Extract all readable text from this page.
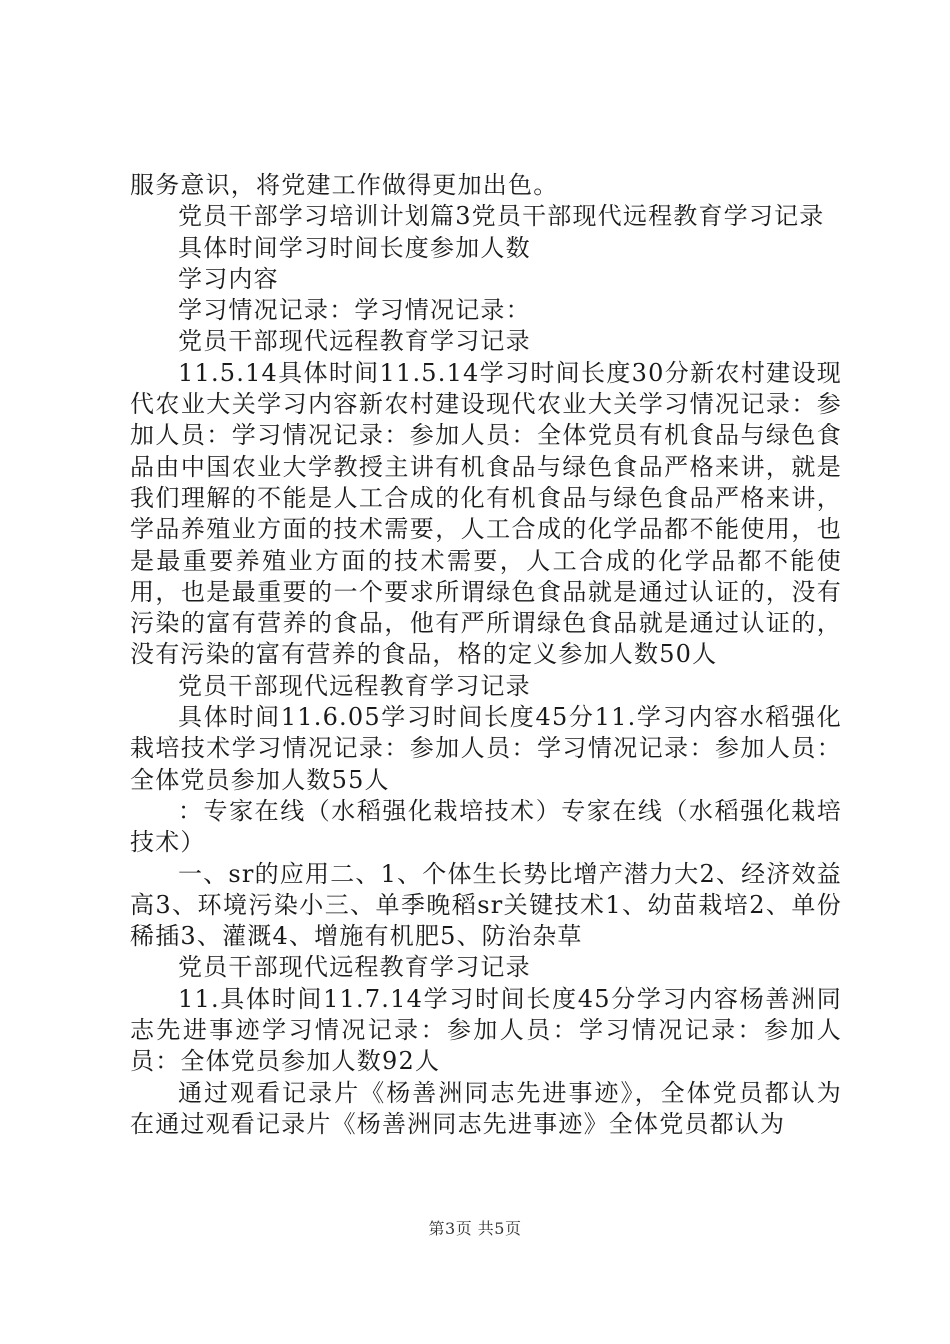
服务意识，将党建工作做得更加出色。

党员干部学习培训计划篇3党员干部现代远程教育学习记录

具体时间学习时间长度参加人数

学习内容

学习情况记录：学习情况记录：

党员干部现代远程教育学习记录

11.5.14具体时间11.5.14学习时间长度30分新农村建设现代农业大关学习内容新农村建设现代农业大关学习情况记录：参加人员：学习情况记录：参加人员：全体党员有机食品与绿色食品由中国农业大学教授主讲有机食品与绿色食品严格来讲，就是我们理解的不能是人工合成的化有机食品与绿色食品严格来讲，学品养殖业方面的技术需要，人工合成的化学品都不能使用，也是最重要养殖业方面的技术需要，人工合成的化学品都不能使用，也是最重要的一个要求所谓绿色食品就是通过认证的，没有污染的富有营养的食品，他有严所谓绿色食品就是通过认证的，没有污染的富有营养的食品，格的定义参加人数50人

党员干部现代远程教育学习记录

具体时间11.6.05学习时间长度45分11.学习内容水稻强化栽培技术学习情况记录：参加人员：学习情况记录：参加人员：全体党员参加人数55人

：专家在线（水稻强化栽培技术）专家在线（水稻强化栽培技术）

一、sr的应用二、1、个体生长势比增产潜力大2、经济效益高3、环境污染小三、单季晚稻sr关键技术1、幼苗栽培2、单份稀插3、灌溉4、增施有机肥5、防治杂草

党员干部现代远程教育学习记录

11.具体时间11.7.14学习时间长度45分学习内容杨善洲同志先进事迹学习情况记录：参加人员：学习情况记录：参加人员：全体党员参加人数92人

通过观看记录片《杨善洲同志先进事迹》，全体党员都认为在通过观看记录片《杨善洲同志先进事迹》全体党员都认为

第3页 共5页
